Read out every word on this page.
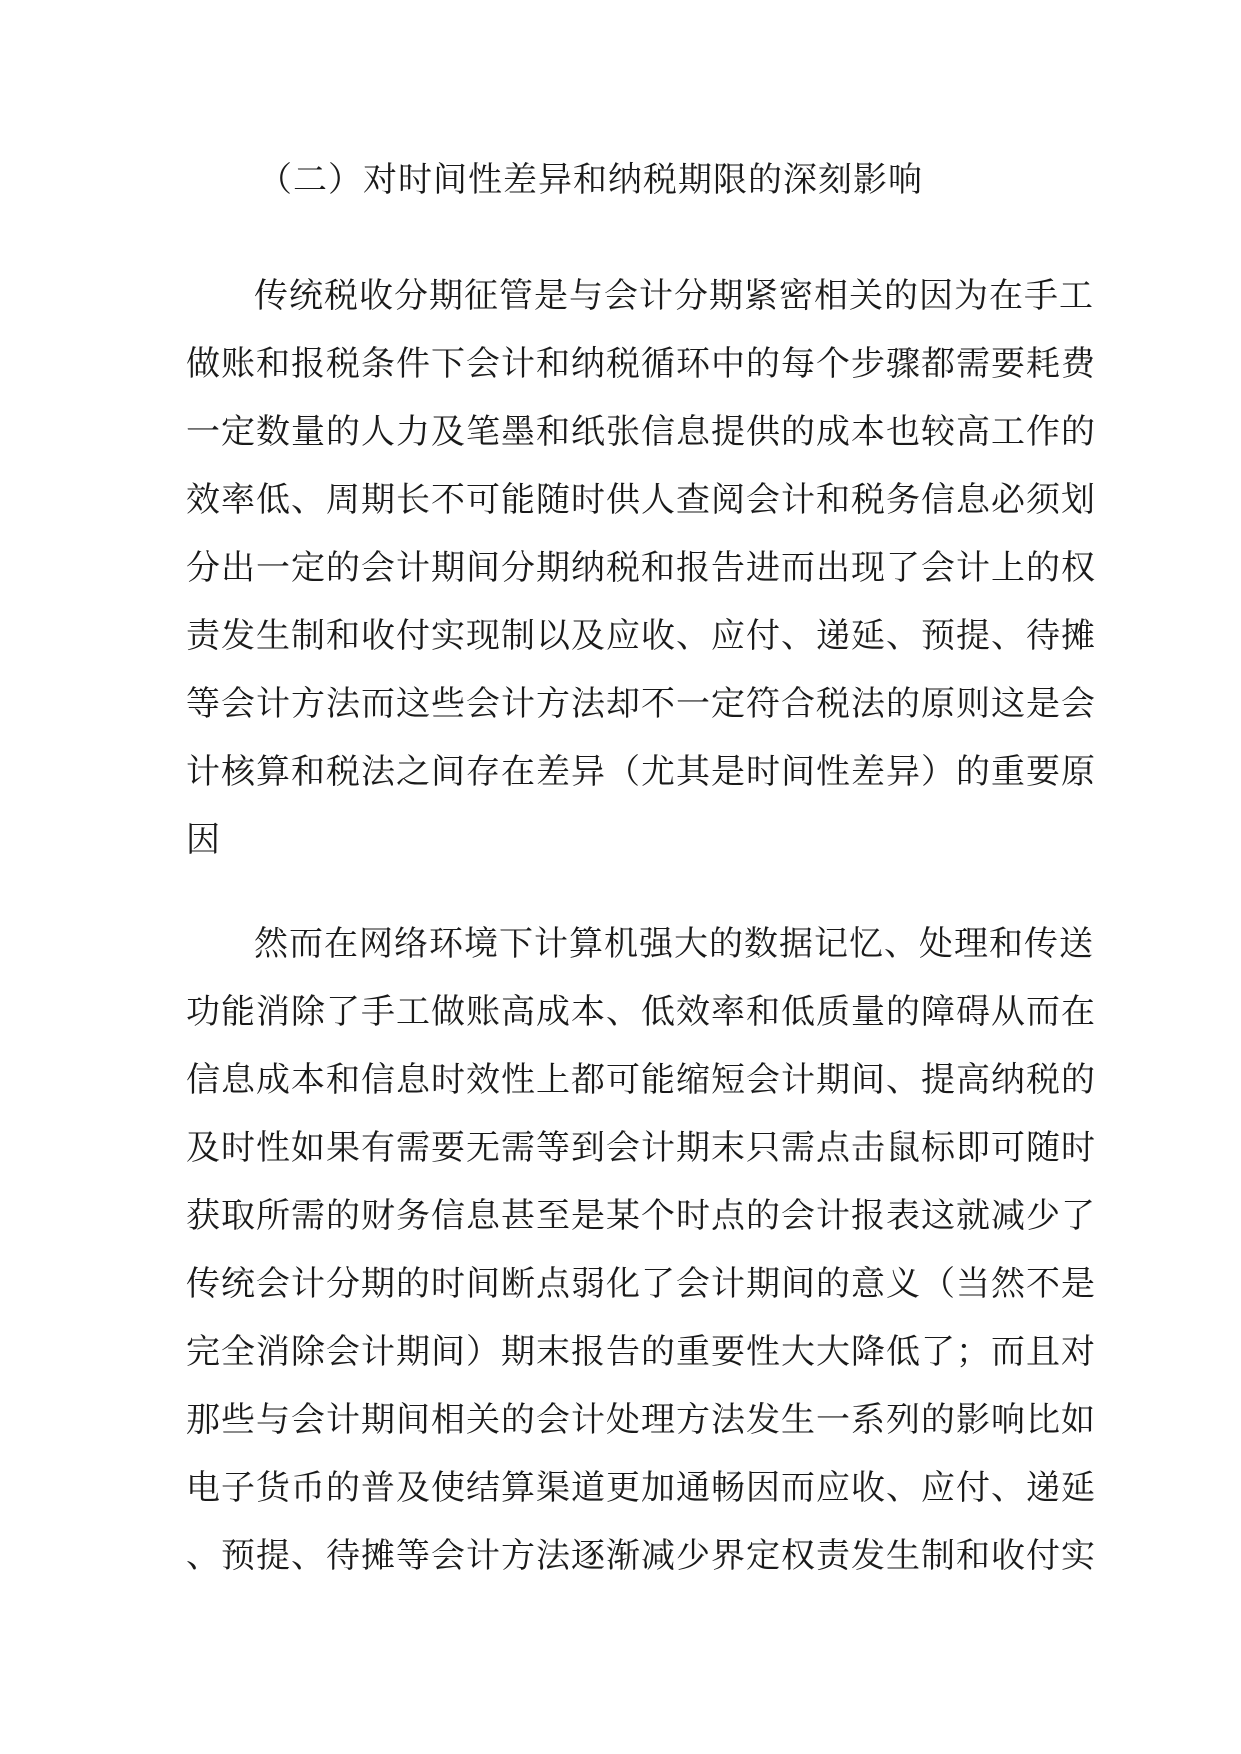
（二）对时间性差异和纳税期限的深刻影响
传统税收分期征管是与会计分期紧密相关的因为在手工
做账和报税条件下会计和纳税循环中的每个步骤都需要耗费
一定数量的人力及笔墨和纸张信息提供的成本也较高工作的
效率低、周期长不可能随时供人查阅会计和税务信息必须划
分出一定的会计期间分期纳税和报告进而出现了会计上的权
责发生制和收付实现制以及应收、应付、递延、预提、待摊
等会计方法而这些会计方法却不一定符合税法的原则这是会
计核算和税法之间存在差异（尤其是时间性差异）的重要原
因
然而在网络环境下计算机强大的数据记忆、处理和传送
功能消除了手工做账高成本、低效率和低质量的障碍从而在
信息成本和信息时效性上都可能缩短会计期间、提高纳税的
及时性如果有需要无需等到会计期末只需点击鼠标即可随时
获取所需的财务信息甚至是某个时点的会计报表这就减少了
传统会计分期的时间断点弱化了会计期间的意义（当然不是
完全消除会计期间）期末报告的重要性大大降低了；而且对
那些与会计期间相关的会计处理方法发生一系列的影响比如
电子货币的普及使结算渠道更加通畅因而应收、应付、递延
、预提、待摊等会计方法逐渐减少界定权责发生制和收付实
